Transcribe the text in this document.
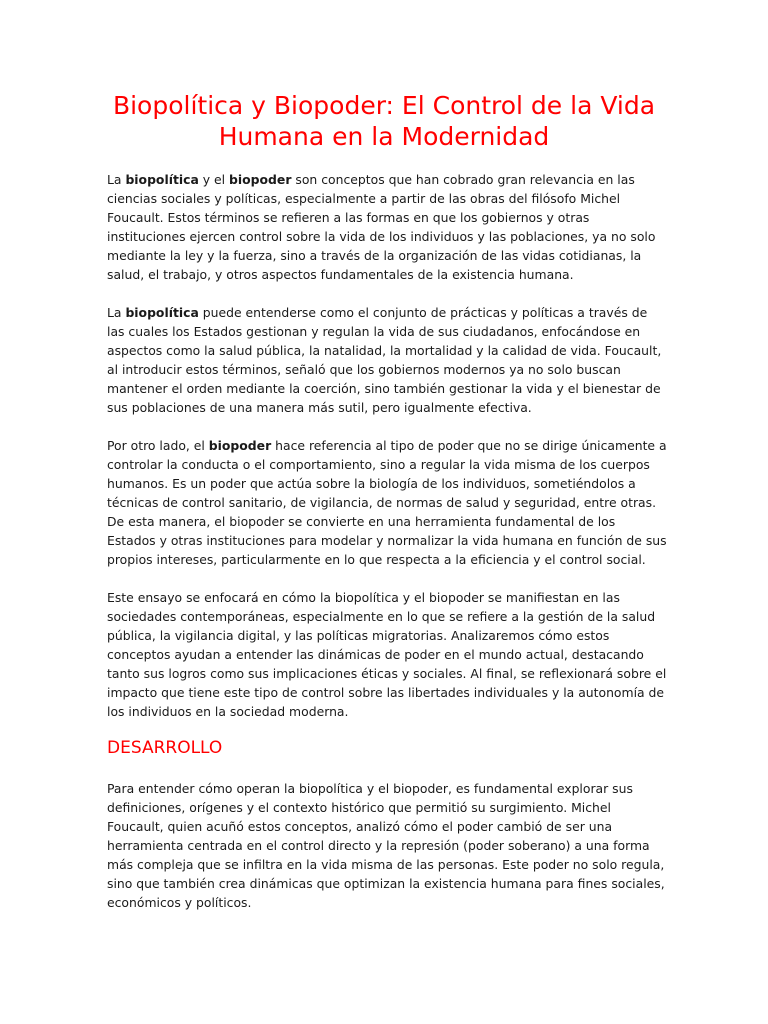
Biopolítica y Biopoder: El Control de la Vida Humana en la Modernidad

La biopolítica y el biopoder son conceptos que han cobrado gran relevancia en las ciencias sociales y políticas, especialmente a partir de las obras del filósofo Michel Foucault. Estos términos se refieren a las formas en que los gobiernos y otras instituciones ejercen control sobre la vida de los individuos y las poblaciones, ya no solo mediante la ley y la fuerza, sino a través de la organización de las vidas cotidianas, la salud, el trabajo, y otros aspectos fundamentales de la existencia humana.

La biopolítica puede entenderse como el conjunto de prácticas y políticas a través de las cuales los Estados gestionan y regulan la vida de sus ciudadanos, enfocándose en aspectos como la salud pública, la natalidad, la mortalidad y la calidad de vida. Foucault, al introducir estos términos, señaló que los gobiernos modernos ya no solo buscan mantener el orden mediante la coerción, sino también gestionar la vida y el bienestar de sus poblaciones de una manera más sutil, pero igualmente efectiva.

Por otro lado, el biopoder hace referencia al tipo de poder que no se dirige únicamente a controlar la conducta o el comportamiento, sino a regular la vida misma de los cuerpos humanos. Es un poder que actúa sobre la biología de los individuos, sometiéndolos a técnicas de control sanitario, de vigilancia, de normas de salud y seguridad, entre otras. De esta manera, el biopoder se convierte en una herramienta fundamental de los Estados y otras instituciones para modelar y normalizar la vida humana en función de sus propios intereses, particularmente en lo que respecta a la eficiencia y el control social.

Este ensayo se enfocará en cómo la biopolítica y el biopoder se manifiestan en las sociedades contemporáneas, especialmente en lo que se refiere a la gestión de la salud pública, la vigilancia digital, y las políticas migratorias. Analizaremos cómo estos conceptos ayudan a entender las dinámicas de poder en el mundo actual, destacando tanto sus logros como sus implicaciones éticas y sociales. Al final, se reflexionará sobre el impacto que tiene este tipo de control sobre las libertades individuales y la autonomía de los individuos en la sociedad moderna.

DESARROLLO

Para entender cómo operan la biopolítica y el biopoder, es fundamental explorar sus definiciones, orígenes y el contexto histórico que permitió su surgimiento. Michel Foucault, quien acuñó estos conceptos, analizó cómo el poder cambió de ser una herramienta centrada en el control directo y la represión (poder soberano) a una forma más compleja que se infiltra en la vida misma de las personas. Este poder no solo regula, sino que también crea dinámicas que optimizan la existencia humana para fines sociales, económicos y políticos.
